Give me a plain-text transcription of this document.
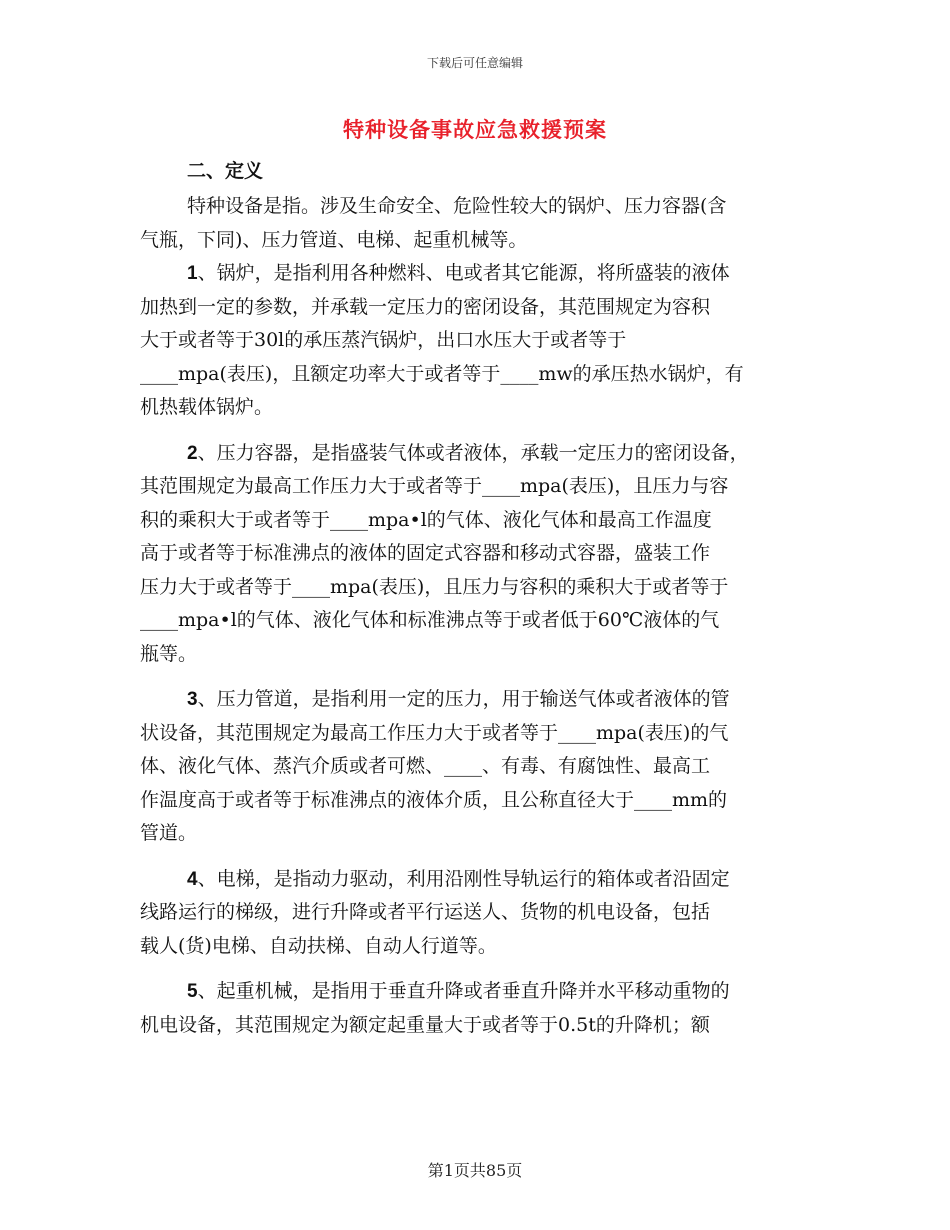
下载后可任意编辑
特种设备事故应急救援预案
二、定义
特种设备是指。涉及生命安全、危险性较大的锅炉、压力容器(含
气瓶，下同)、压力管道、电梯、起重机械等。
1、锅炉，是指利用各种燃料、电或者其它能源，将所盛装的液体
加热到一定的参数，并承载一定压力的密闭设备，其范围规定为容积
大于或者等于30l的承压蒸汽锅炉，出口水压大于或者等于
____mpa(表压)，且额定功率大于或者等于____mw的承压热水锅炉，有
机热载体锅炉。
2、压力容器，是指盛装气体或者液体，承载一定压力的密闭设备，
其范围规定为最高工作压力大于或者等于____mpa(表压)，且压力与容
积的乘积大于或者等于____mpa•l的气体、液化气体和最高工作温度
高于或者等于标准沸点的液体的固定式容器和移动式容器，盛装工作
压力大于或者等于____mpa(表压)，且压力与容积的乘积大于或者等于
____mpa•l的气体、液化气体和标准沸点等于或者低于60℃液体的气
瓶等。
3、压力管道，是指利用一定的压力，用于输送气体或者液体的管
状设备，其范围规定为最高工作压力大于或者等于____mpa(表压)的气
体、液化气体、蒸汽介质或者可燃、____、有毒、有腐蚀性、最高工
作温度高于或者等于标准沸点的液体介质，且公称直径大于____mm的
管道。
4、电梯，是指动力驱动，利用沿刚性导轨运行的箱体或者沿固定
线路运行的梯级，进行升降或者平行运送人、货物的机电设备，包括
载人(货)电梯、自动扶梯、自动人行道等。
5、起重机械，是指用于垂直升降或者垂直升降并水平移动重物的
机电设备，其范围规定为额定起重量大于或者等于0.5t的升降机；额
第1页共85页
